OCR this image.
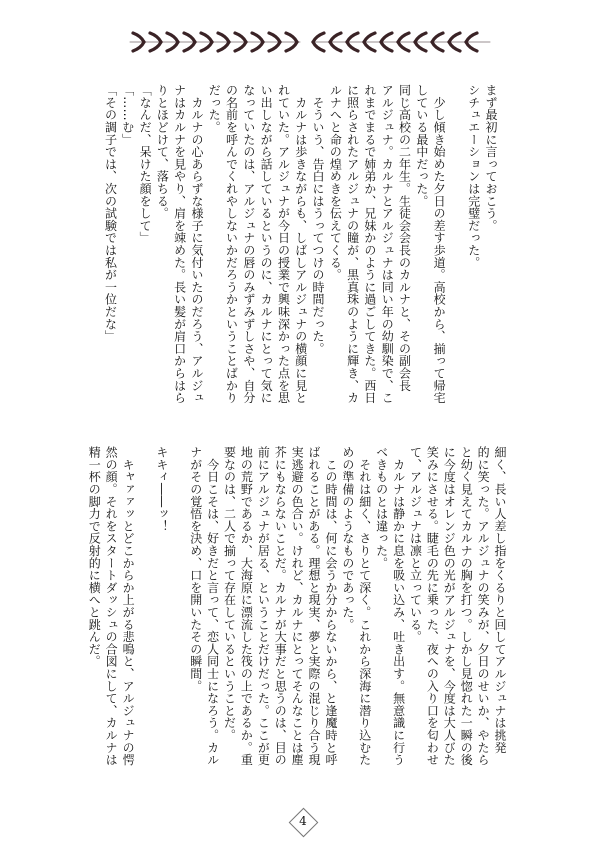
まず最初に言っておこう。
シチュエーションは完璧だった。

　少し傾き始めた夕日の差す歩道。高校から、揃って帰宅
している最中だった。
同じ高校の二年生。生徒会会長のカルナと、その副会長
アルジュナ。カルナとアルジュナは同い年の幼馴染で、こ
れまでまるで姉弟か、兄妹かのように過ごしてきた。西日
に照らされたアルジュナの瞳が、黒真珠のように輝き、カ
ルナへと命の煌めきを伝えてくる。
　そういう、告白にはうってつけの時間だった。
　カルナは歩きながらも、しばしアルジュナの横顔に見と
れていた。アルジュナが今日の授業で興味深かった点を思
い出しながら話しているというのに、カルナにとって気に
なっていたのは、アルジュナの唇のみずみずしさや、自分
の名前を呼んでくれやしないかだろうかということばかり
だった。
　カルナの心あらずな様子に気付いたのだろう、アルジュ
ナはカルナを見やり、肩を竦めた。長い髪が肩口からはら
りとほどけて、落ちる。
「なんだ、呆けた顔をして」
「……む」
「その調子では、次の試験では私が一位だな」
細く、長い人差し指をくるりと回してアルジュナは挑発
的に笑った。アルジュナの笑みが、夕日のせいか、やたら
と幼く見えてカルナの胸を打つ。しかし見惚れた一瞬の後
に今度はオレンジ色の光がアルジュナを、今度は大人びた
笑みにさせる。睫毛の先に乗った、夜への入り口を匂わせ
て、アルジュナは凛と立っている。
　カルナは静かに息を吸い込み、吐き出す。無意識に行う
べきものとは違った。
　それは細く、さりとて深く。これから深海に潜り込むた
めの準備のようなものであった。
　この時間は、何に会うか分からないから、と逢魔時と呼
ばれることがある。理想と現実、夢と実際の混じり合う現
実逃避の色合い。けれど、カルナにとってそんなことは塵
芥にもならないことだ。カルナが大事だと思うのは、目の
前にアルジュナが居る、ということだけだった。ここが更
地の荒野であるか、大海原に漂流した筏の上であるか。重
要なのは、二人で揃って存在しているということだ。
　今日こそは、好きだと言って、恋人同士になろう。カル
ナがその覚悟を決め、口を開いたその瞬間。

キキィ――ッ！

　キャァァッとどこからか上がる悲鳴と、アルジュナの愕
然の顔。それをスタートダッシュの合図にして、カルナは
精一杯の脚力で反射的に横へと跳んだ。
4
